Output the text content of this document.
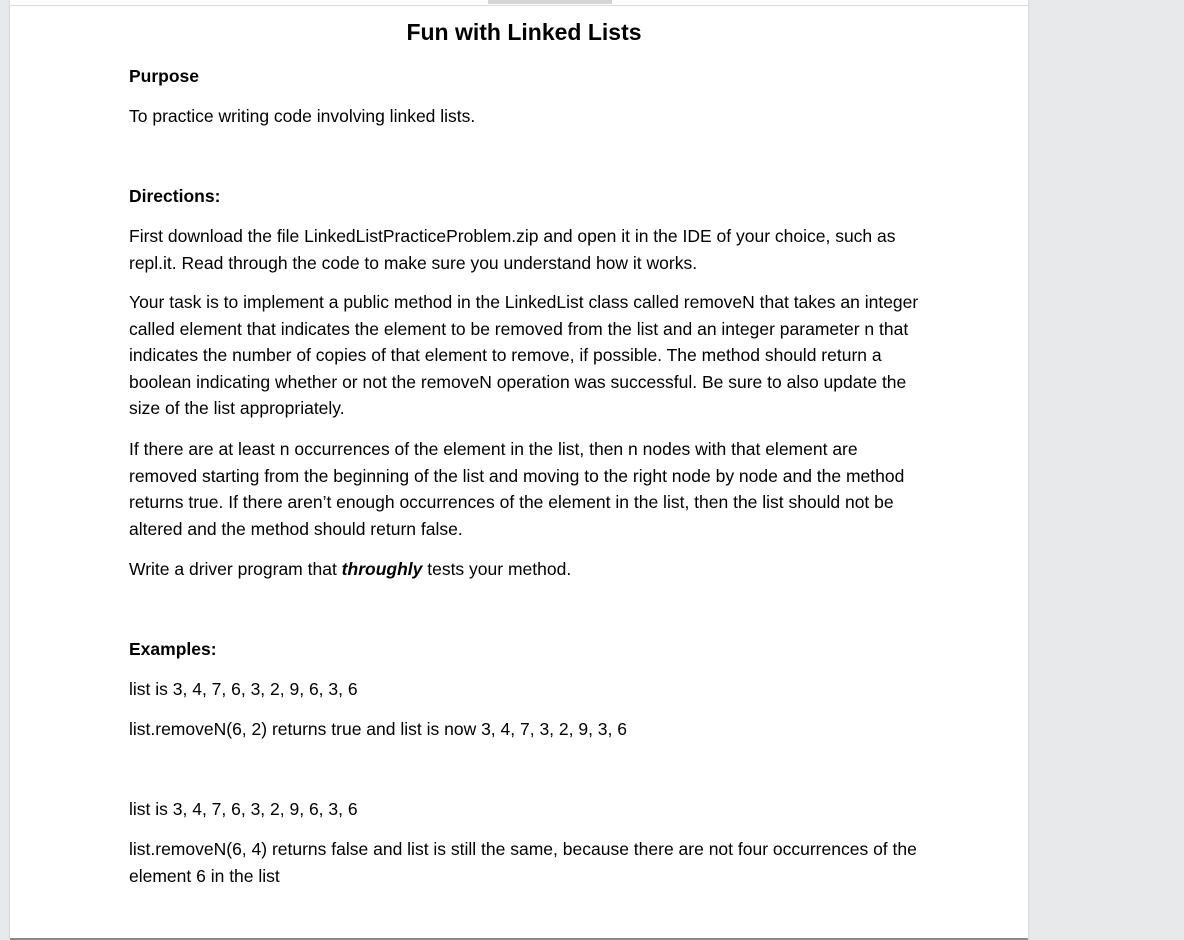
Fun with Linked Lists

Purpose

To practice writing code involving linked lists.

Directions:

First download the file LinkedListPracticeProblem.zip and open it in the IDE of your choice, such as repl.it. Read through the code to make sure you understand how it works.

Your task is to implement a public method in the LinkedList class called removeN that takes an integer called element that indicates the element to be removed from the list and an integer parameter n that indicates the number of copies of that element to remove, if possible. The method should return a boolean indicating whether or not the removeN operation was successful. Be sure to also update the size of the list appropriately.

If there are at least n occurrences of the element in the list, then n nodes with that element are removed starting from the beginning of the list and moving to the right node by node and the method returns true. If there aren’t enough occurrences of the element in the list, then the list should not be altered and the method should return false.

Write a driver program that throughly tests your method.

Examples:

list is 3, 4, 7, 6, 3, 2, 9, 6, 3, 6

list.removeN(6, 2) returns true and list is now 3, 4, 7, 3, 2, 9, 3, 6

list is 3, 4, 7, 6, 3, 2, 9, 6, 3, 6

list.removeN(6, 4) returns false and list is still the same, because there are not four occurrences of the element 6 in the list
